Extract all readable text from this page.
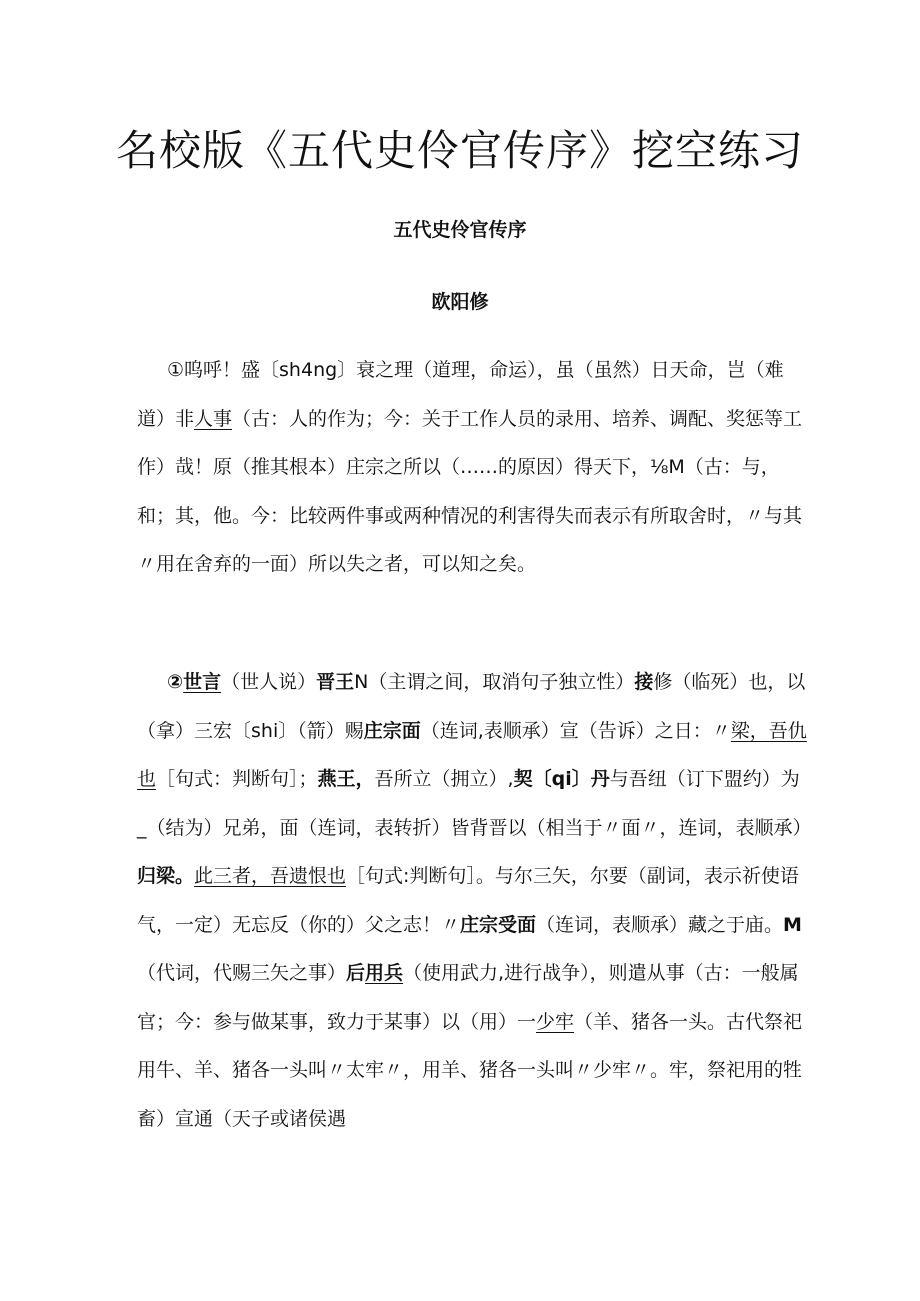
名校版《五代史伶官传序》挖空练习
五代史伶官传序
欧阳修

①呜呼！盛〔sh4ng〕衰之理（道理，命运），虽（虽然）日天命，岂（难道）非人事（古：人的作为；今：关于工作人员的录用、培养、调配、奖惩等工作）哉！原（推其根本）庄宗之所以（……的原因）得天下，⅛M（古：与，和；其，他。今：比较两件事或两种情况的利害得失而表示有所取舍时，〃与其〃用在舍弃的一面）所以失之者，可以知之矣。

②世言（世人说）晋王N（主谓之间，取消句子独立性）接修（临死）也，以（拿）三宏〔shi〕（箭）赐庄宗面（连词,表顺承）宣（告诉）之日：〃梁，吾仇也［句式：判断句］；燕王，吾所立（拥立）,契〔qi〕丹与吾纽（订下盟约）为_（结为）兄弟，面（连词，表转折）皆背晋以（相当于〃面〃，连词，表顺承）归梁。此三者，吾遗恨也［句式:判断句］。与尔三矢，尔要（副词，表示祈使语气，一定）无忘反（你的）父之志！〃庄宗受面（连词，表顺承）藏之于庙。M（代词，代赐三矢之事）后用兵（使用武力,进行战争），则遣从事（古：一般属官；今：参与做某事，致力于某事）以（用）一少牢（羊、猪各一头。古代祭祀用牛、羊、猪各一头叫〃太牢〃，用羊、猪各一头叫〃少牢〃。牢，祭祀用的牲畜）宣通（天子或诸侯遇
